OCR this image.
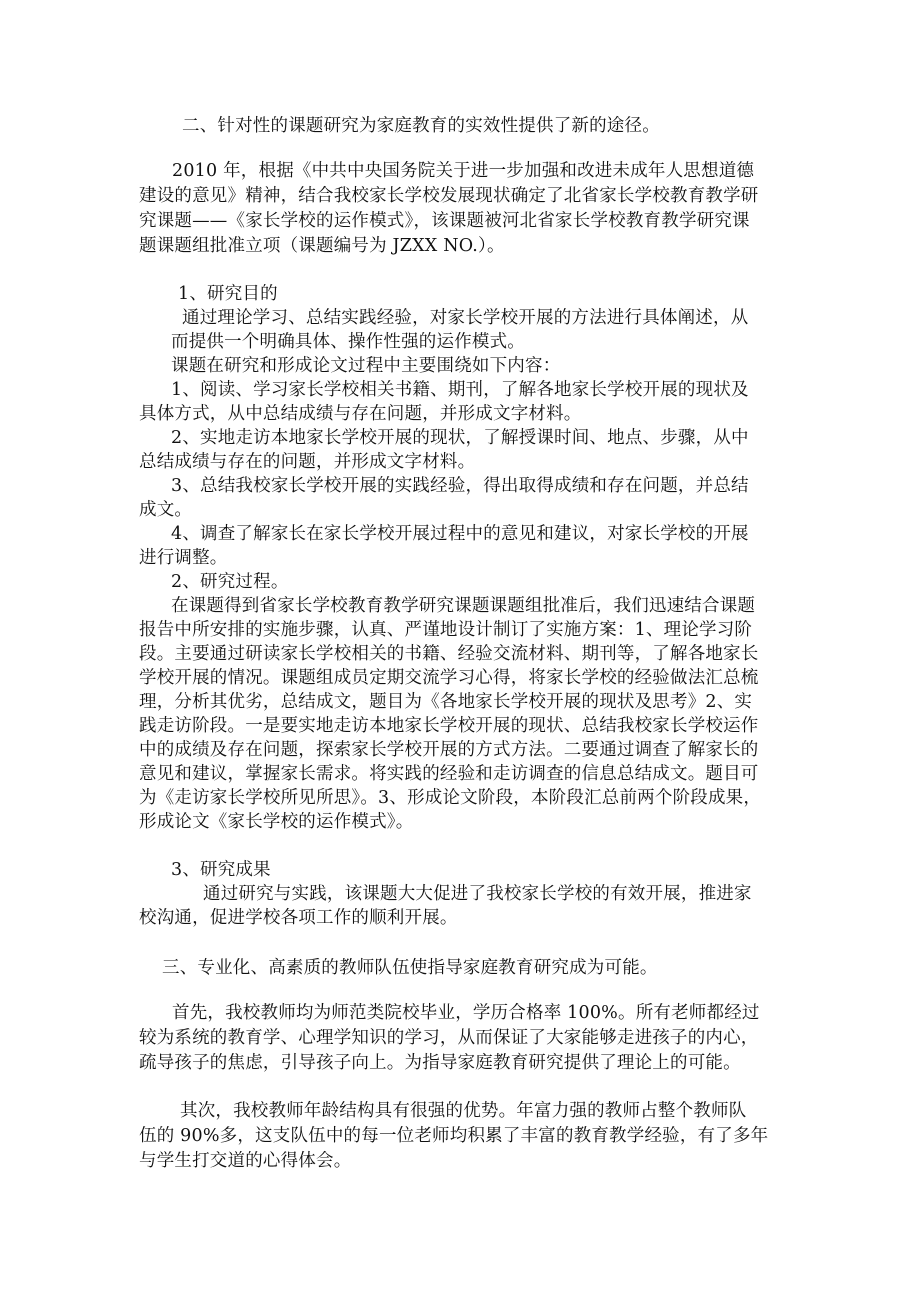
二、针对性的课题研究为家庭教育的实效性提供了新的途径。
2010 年，根据《中共中央国务院关于进一步加强和改进未成年人思想道德
建设的意见》精神，结合我校家长学校发展现状确定了北省家长学校教育教学研
究课题——《家长学校的运作模式》，该课题被河北省家长学校教育教学研究课
题课题组批准立项（课题编号为 JZXX NO.）。
1、研究目的
通过理论学习、总结实践经验，对家长学校开展的方法进行具体阐述，从
而提供一个明确具体、操作性强的运作模式。
课题在研究和形成论文过程中主要围绕如下内容：
1、阅读、学习家长学校相关书籍、期刊，了解各地家长学校开展的现状及
具体方式，从中总结成绩与存在问题，并形成文字材料。
2、实地走访本地家长学校开展的现状，了解授课时间、地点、步骤，从中
总结成绩与存在的问题，并形成文字材料。
3、总结我校家长学校开展的实践经验，得出取得成绩和存在问题，并总结
成文。
4、调查了解家长在家长学校开展过程中的意见和建议，对家长学校的开展
进行调整。
2、研究过程。
在课题得到省家长学校教育教学研究课题课题组批准后，我们迅速结合课题
报告中所安排的实施步骤，认真、严谨地设计制订了实施方案：1、理论学习阶
段。主要通过研读家长学校相关的书籍、经验交流材料、期刊等，了解各地家长
学校开展的情况。课题组成员定期交流学习心得，将家长学校的经验做法汇总梳
理，分析其优劣，总结成文，题目为《各地家长学校开展的现状及思考》2、实
践走访阶段。一是要实地走访本地家长学校开展的现状、总结我校家长学校运作
中的成绩及存在问题，探索家长学校开展的方式方法。二要通过调查了解家长的
意见和建议，掌握家长需求。将实践的经验和走访调查的信息总结成文。题目可
为《走访家长学校所见所思》。3、形成论文阶段，本阶段汇总前两个阶段成果，
形成论文《家长学校的运作模式》。
3、研究成果
通过研究与实践，该课题大大促进了我校家长学校的有效开展，推进家
校沟通，促进学校各项工作的顺利开展。
三、专业化、高素质的教师队伍使指导家庭教育研究成为可能。
首先，我校教师均为师范类院校毕业，学历合格率 100%。所有老师都经过
较为系统的教育学、心理学知识的学习，从而保证了大家能够走进孩子的内心，
疏导孩子的焦虑，引导孩子向上。为指导家庭教育研究提供了理论上的可能。
其次，我校教师年龄结构具有很强的优势。年富力强的教师占整个教师队
伍的 90%多，这支队伍中的每一位老师均积累了丰富的教育教学经验，有了多年
与学生打交道的心得体会。
